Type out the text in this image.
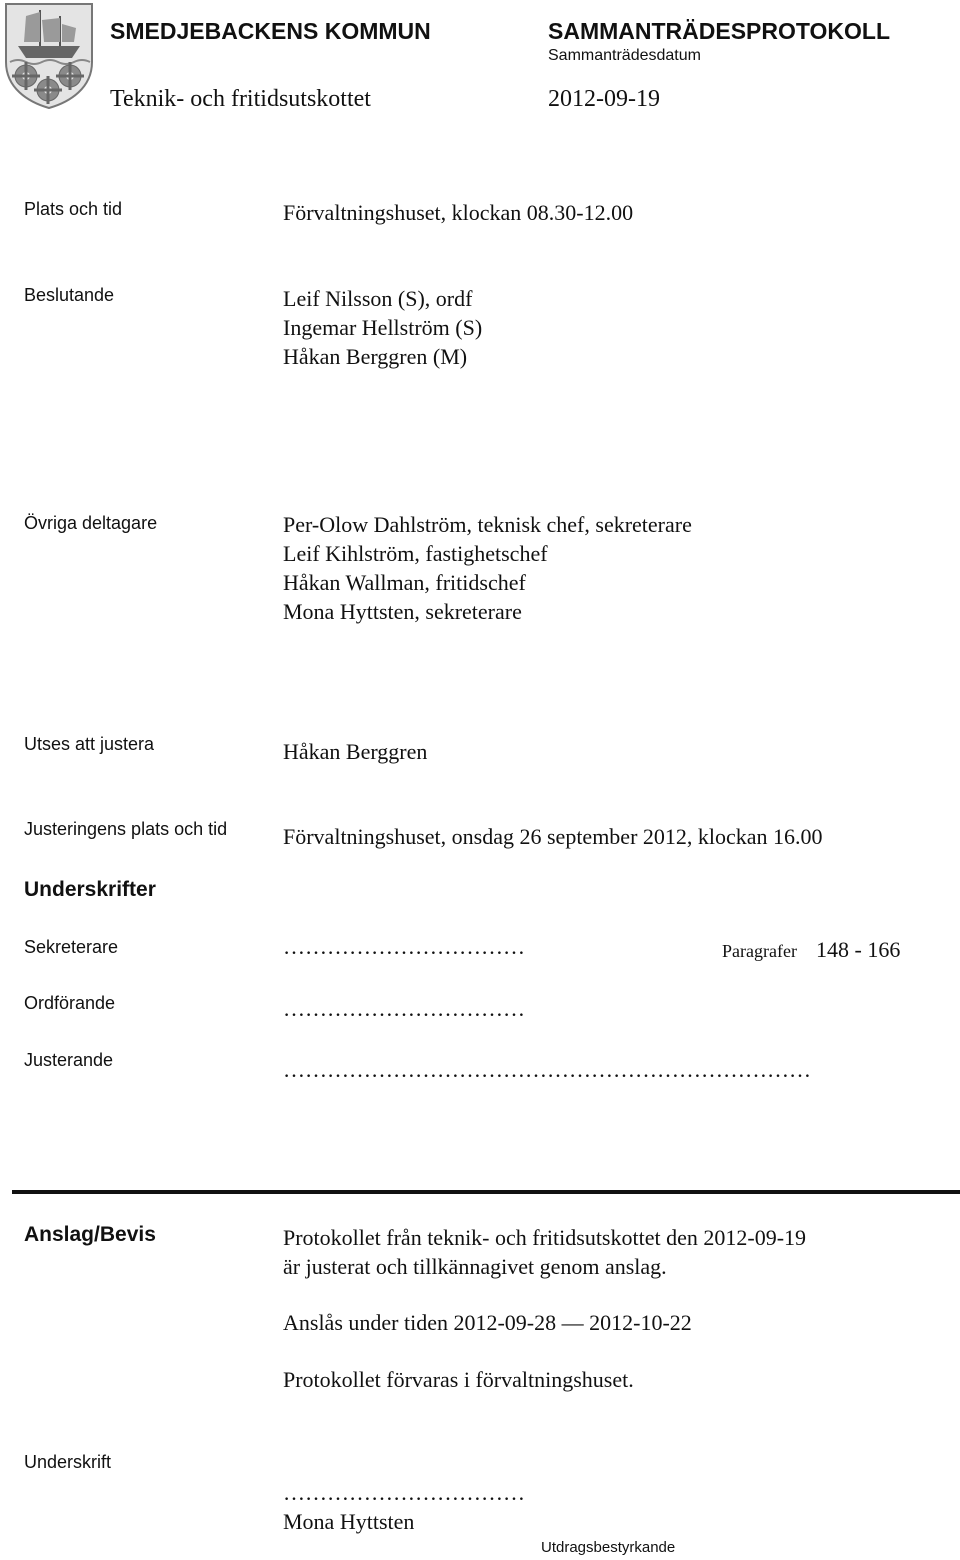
SMEDJEBACKENS KOMMUN	SAMMANTRÄDESPROTOKOLL
Sammanträdesdatum
Teknik- och fritidsutskottet	2012-09-19
Plats och tid	Förvaltningshuset, klockan 08.30-12.00
Beslutande	Leif Nilsson (S), ordf
Ingemar Hellström (S)
Håkan Berggren (M)
Övriga deltagare	Per-Olow Dahlström, teknisk chef, sekreterare
Leif Kihlström, fastighetschef
Håkan Wallman, fritidschef
Mona Hyttsten, sekreterare
Utses att justera	Håkan Berggren
Justeringens plats och tid	Förvaltningshuset, onsdag 26 september 2012, klockan 16.00
Underskrifter
Sekreterare	……………………………	Paragrafer 148 - 166
Ordförande	……………………………
Justerande	………………………………………………………………
Anslag/Bevis	Protokollet från teknik- och fritidsutskottet den 2012-09-19
är justerat och tillkännagivet genom anslag.
Anslås under tiden 2012-09-28 — 2012-10-22
Protokollet förvaras i förvaltningshuset.
Underskrift
……………………………
Mona Hyttsten
Utdragsbestyrkande
